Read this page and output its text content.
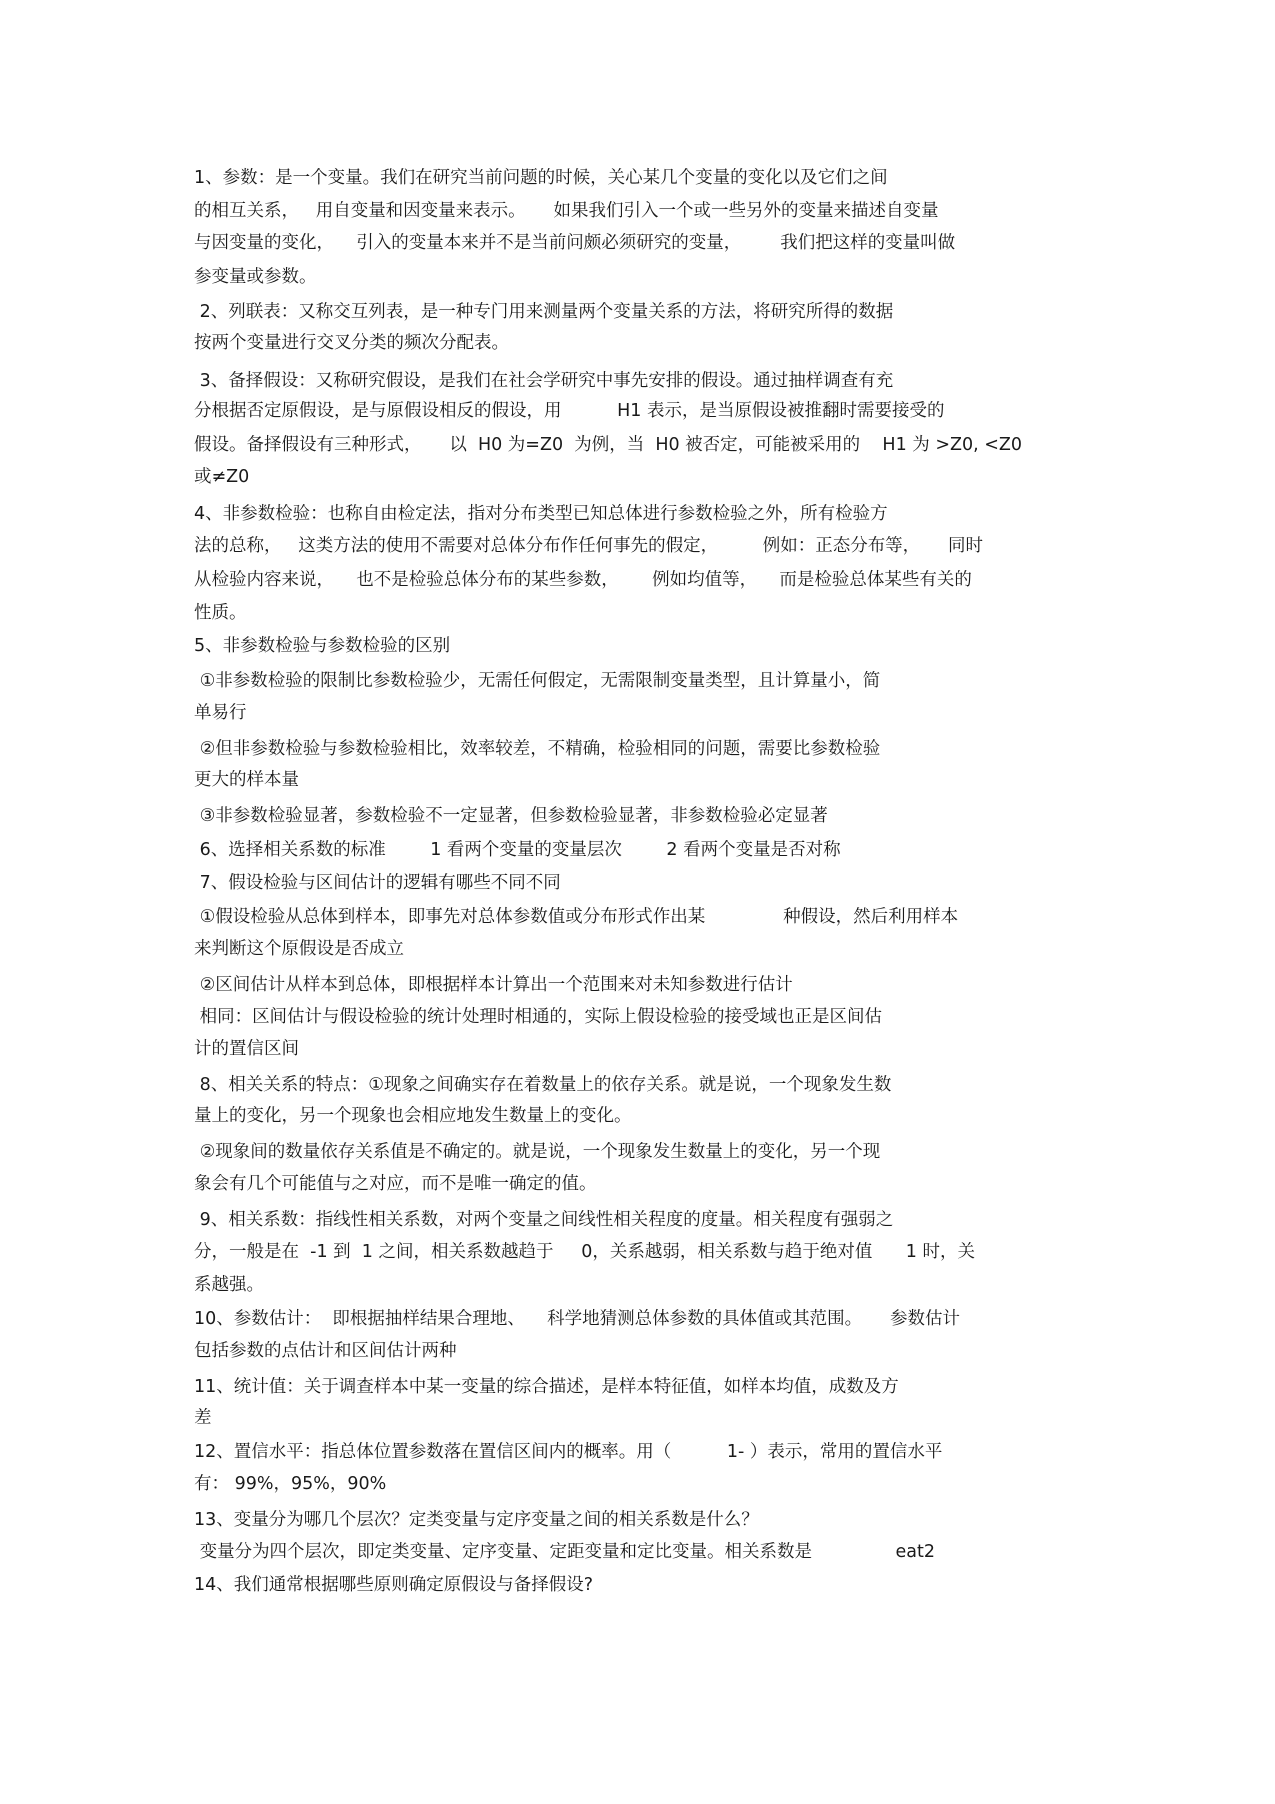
1、参数：是一个变量。我们在研究当前问题的时候，关心某几个变量的变化以及它们之间
的相互关系，   用自变量和因变量来表示。     如果我们引入一个或一些另外的变量来描述自变量
与因变量的变化，    引入的变量本来并不是当前问颇必须研究的变量，       我们把这样的变量叫做
参变量或参数。
2、列联表：又称交互列表，是一种专门用来测量两个变量关系的方法，将研究所得的数据
按两个变量进行交叉分类的频次分配表。
3、备择假设：又称研究假设，是我们在社会学研究中事先安排的假设。通过抽样调查有充
分根据否定原假设，是与原假设相反的假设，用          H1 表示，是当原假设被推翻时需要接受的
假设。备择假设有三种形式，     以  H0 为=Z0  为例，当  H0 被否定，可能被采用的    H1 为 >Z0, <Z0
或≠Z0
4、非参数检验：也称自由检定法，指对分布类型已知总体进行参数检验之外，所有检验方
法的总称，   这类方法的使用不需要对总体分布作任何事先的假定，        例如：正态分布等，     同时
从检验内容来说，    也不是检验总体分布的某些参数，      例如均值等，    而是检验总体某些有关的
性质。
5、非参数检验与参数检验的区别
①非参数检验的限制比参数检验少，无需任何假定，无需限制变量类型，且计算量小，简
单易行
②但非参数检验与参数检验相比，效率较差，不精确，检验相同的问题，需要比参数检验
更大的样本量
③非参数检验显著，参数检验不一定显著，但参数检验显著，非参数检验必定显著
6、选择相关系数的标准        1 看两个变量的变量层次        2 看两个变量是否对称
7、假设检验与区间估计的逻辑有哪些不同不同
①假设检验从总体到样本，即事先对总体参数值或分布形式作出某              种假设，然后利用样本
来判断这个原假设是否成立
②区间估计从样本到总体，即根据样本计算出一个范围来对未知参数进行估计
相同：区间估计与假设检验的统计处理时相通的，实际上假设检验的接受域也正是区间估
计的置信区间
8、相关关系的特点：①现象之间确实存在着数量上的依存关系。就是说，一个现象发生数
量上的变化，另一个现象也会相应地发生数量上的变化。
②现象间的数量依存关系值是不确定的。就是说，一个现象发生数量上的变化，另一个现
象会有几个可能值与之对应，而不是唯一确定的值。
9、相关系数：指线性相关系数，对两个变量之间线性相关程度的度量。相关程度有强弱之
分，一般是在  -1 到  1 之间，相关系数越趋于     0，关系越弱，相关系数与趋于绝对值      1 时，关
系越强。
10、参数估计：  即根据抽样结果合理地、    科学地猜测总体参数的具体值或其范围。     参数估计
包括参数的点估计和区间估计两种
11、统计值：关于调查样本中某一变量的综合描述，是样本特征值，如样本均值，成数及方
差
12、置信水平：指总体位置参数落在置信区间内的概率。用（          1- ）表示，常用的置信水平
有： 99%，95%，90%
13、变量分为哪几个层次？定类变量与定序变量之间的相关系数是什么？
变量分为四个层次，即定类变量、定序变量、定距变量和定比变量。相关系数是               eat2
14、我们通常根据哪些原则确定原假设与备择假设?
